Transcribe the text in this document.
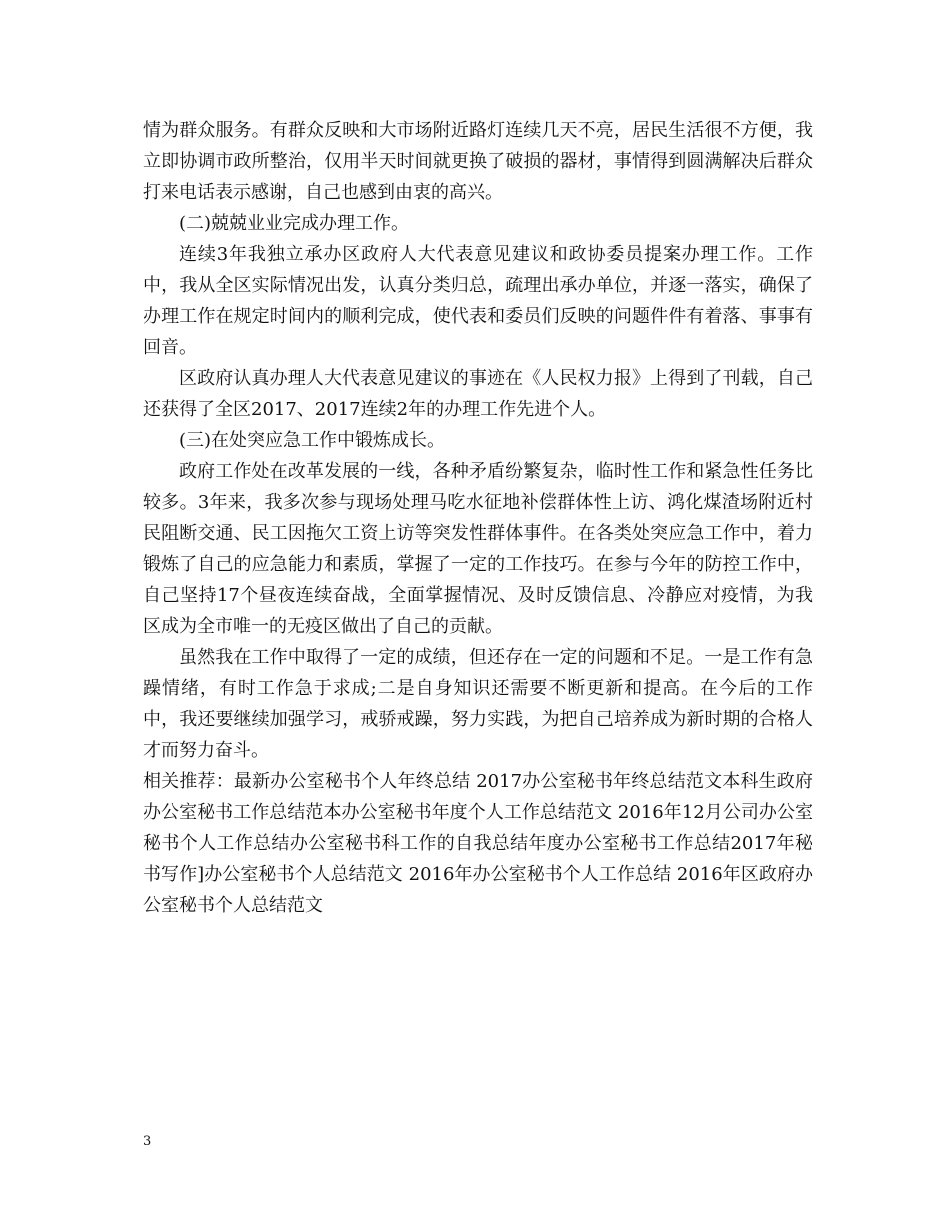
情为群众服务。有群众反映和大市场附近路灯连续几天不亮，居民生活很不方便，我立即协调市政所整治，仅用半天时间就更换了破损的器材，事情得到圆满解决后群众打来电话表示感谢，自己也感到由衷的高兴。

(二)兢兢业业完成办理工作。

连续3年我独立承办区政府人大代表意见建议和政协委员提案办理工作。工作中，我从全区实际情况出发，认真分类归总，疏理出承办单位，并逐一落实，确保了办理工作在规定时间内的顺利完成，使代表和委员们反映的问题件件有着落、事事有回音。

区政府认真办理人大代表意见建议的事迹在《人民权力报》上得到了刊载，自己还获得了全区2017、2017连续2年的办理工作先进个人。

(三)在处突应急工作中锻炼成长。

政府工作处在改革发展的一线，各种矛盾纷繁复杂，临时性工作和紧急性任务比较多。3年来，我多次参与现场处理马吃水征地补偿群体性上访、鸿化煤渣场附近村民阻断交通、民工因拖欠工资上访等突发性群体事件。在各类处突应急工作中，着力锻炼了自己的应急能力和素质，掌握了一定的工作技巧。在参与今年的防控工作中，自己坚持17个昼夜连续奋战，全面掌握情况、及时反馈信息、冷静应对疫情，为我区成为全市唯一的无疫区做出了自己的贡献。

虽然我在工作中取得了一定的成绩，但还存在一定的问题和不足。一是工作有急躁情绪，有时工作急于求成;二是自身知识还需要不断更新和提高。在今后的工作中，我还要继续加强学习，戒骄戒躁，努力实践，为把自己培养成为新时期的合格人才而努力奋斗。

相关推荐：最新办公室秘书个人年终总结 2017办公室秘书年终总结范文本科生政府办公室秘书工作总结范本办公室秘书年度个人工作总结范文 2016年12月公司办公室秘书个人工作总结办公室秘书科工作的自我总结年度办公室秘书工作总结2017年秘书写作]办公室秘书个人总结范文 2016年办公室秘书个人工作总结 2016年区政府办公室秘书个人总结范文

3
